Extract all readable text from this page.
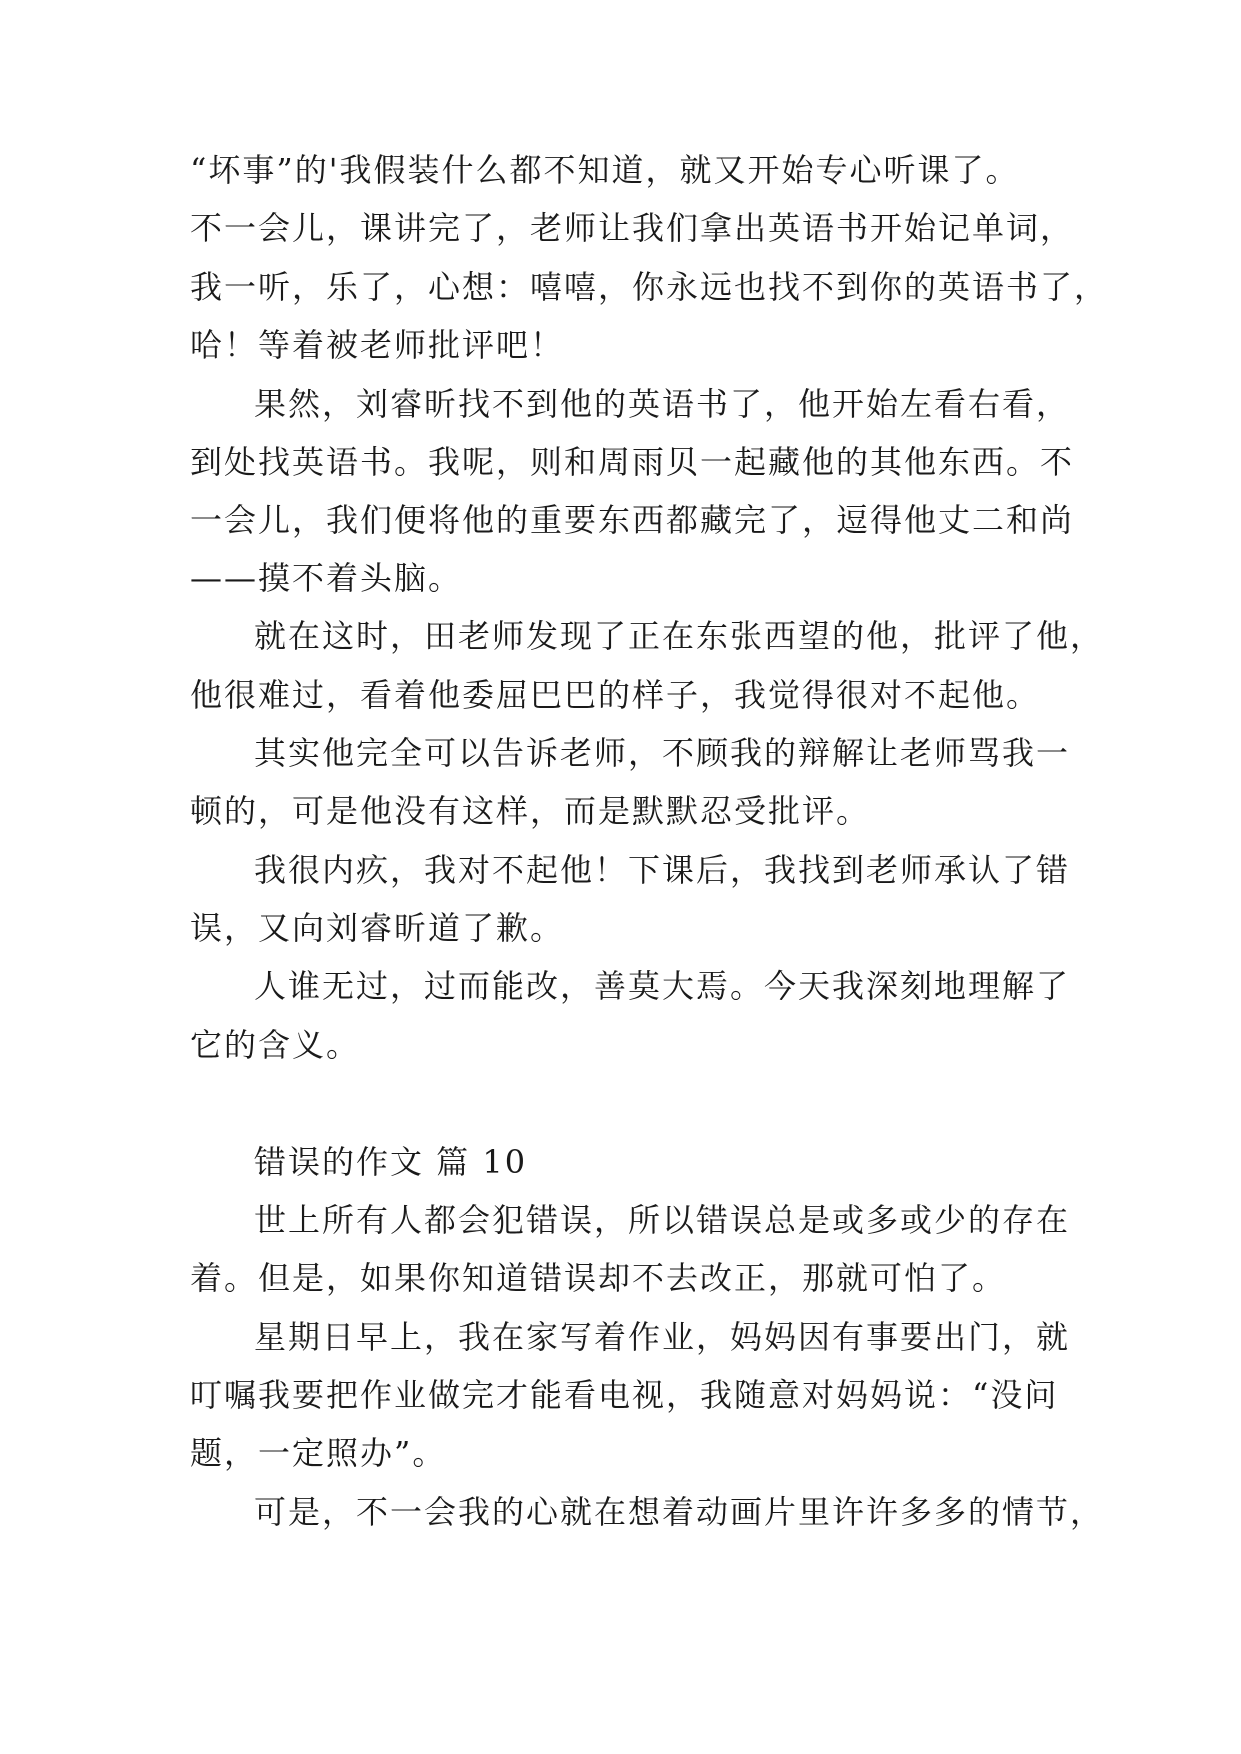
“坏事”的'我假装什么都不知道，就又开始专心听课了。
不一会儿，课讲完了，老师让我们拿出英语书开始记单词，
我一听，乐了，心想：嘻嘻，你永远也找不到你的英语书了，
哈！等着被老师批评吧！
果然，刘睿昕找不到他的英语书了，他开始左看右看，
到处找英语书。我呢，则和周雨贝一起藏他的其他东西。不
一会儿，我们便将他的重要东西都藏完了，逗得他丈二和尚
——摸不着头脑。
就在这时，田老师发现了正在东张西望的他，批评了他，
他很难过，看着他委屈巴巴的样子，我觉得很对不起他。
其实他完全可以告诉老师，不顾我的辩解让老师骂我一
顿的，可是他没有这样，而是默默忍受批评。
我很内疚，我对不起他！下课后，我找到老师承认了错
误，又向刘睿昕道了歉。
人谁无过，过而能改，善莫大焉。今天我深刻地理解了
它的含义。
错误的作文 篇 10
世上所有人都会犯错误，所以错误总是或多或少的存在
着。但是，如果你知道错误却不去改正，那就可怕了。
星期日早上，我在家写着作业，妈妈因有事要出门，就
叮嘱我要把作业做完才能看电视，我随意对妈妈说：“没问
题，一定照办”。
可是，不一会我的心就在想着动画片里许许多多的情节，
